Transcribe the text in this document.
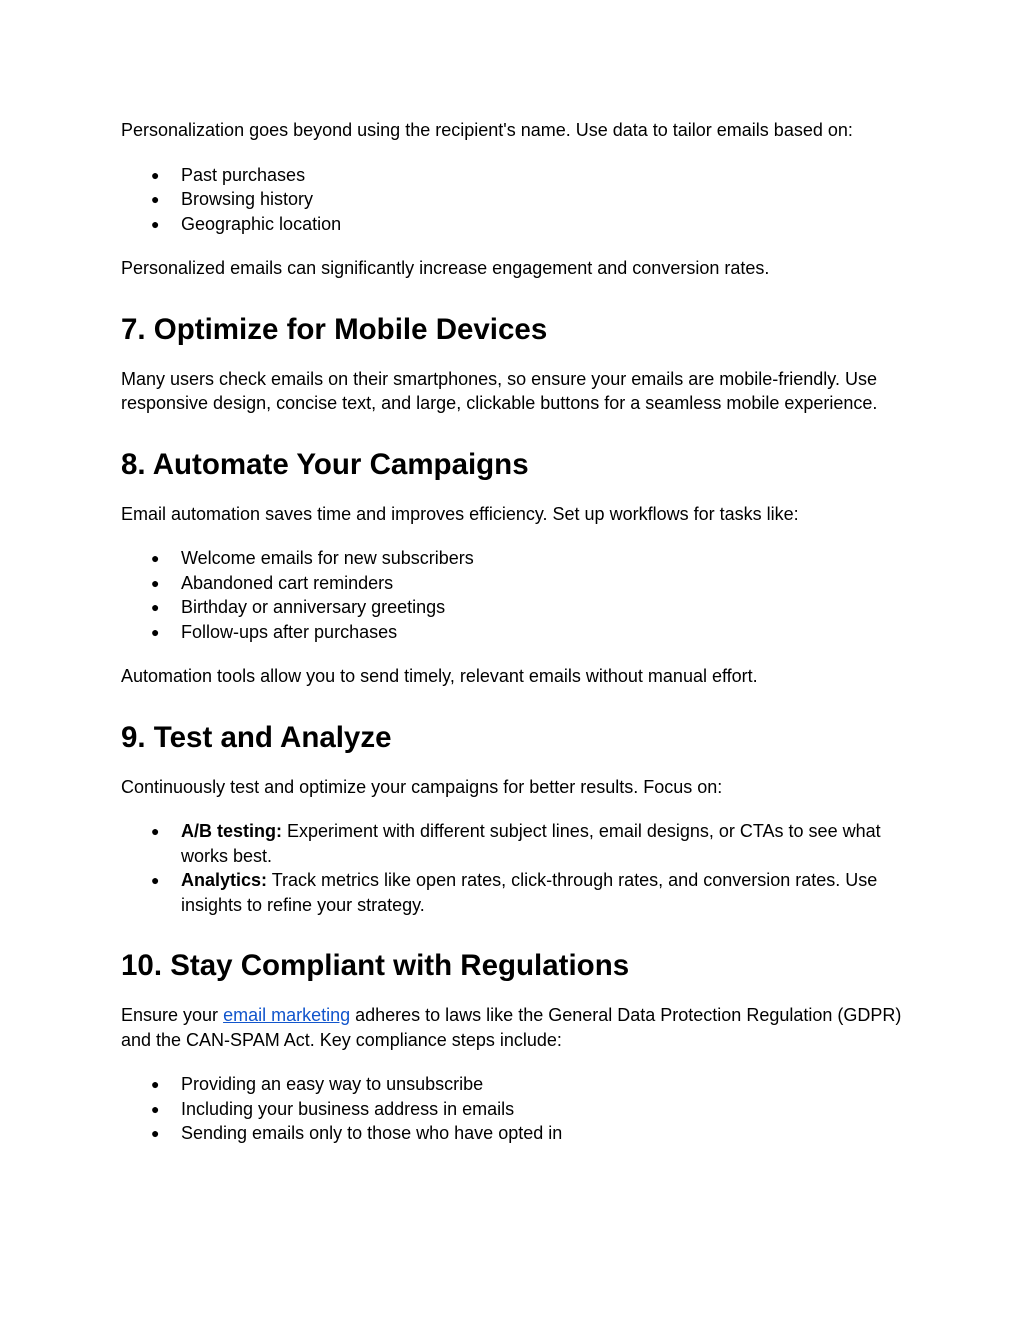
Personalization goes beyond using the recipient's name. Use data to tailor emails based on:

● Past purchases
● Browsing history
● Geographic location

Personalized emails can significantly increase engagement and conversion rates.

7. Optimize for Mobile Devices

Many users check emails on their smartphones, so ensure your emails are mobile-friendly. Use responsive design, concise text, and large, clickable buttons for a seamless mobile experience.

8. Automate Your Campaigns

Email automation saves time and improves efficiency. Set up workflows for tasks like:

● Welcome emails for new subscribers
● Abandoned cart reminders
● Birthday or anniversary greetings
● Follow-ups after purchases

Automation tools allow you to send timely, relevant emails without manual effort.

9. Test and Analyze

Continuously test and optimize your campaigns for better results. Focus on:

● A/B testing: Experiment with different subject lines, email designs, or CTAs to see what works best.
● Analytics: Track metrics like open rates, click-through rates, and conversion rates. Use insights to refine your strategy.
10. Stay Compliant with Regulations

Ensure your email marketing adheres to laws like the General Data Protection Regulation (GDPR) and the CAN-SPAM Act. Key compliance steps include:

● Providing an easy way to unsubscribe
● Including your business address in emails
● Sending emails only to those who have opted in
